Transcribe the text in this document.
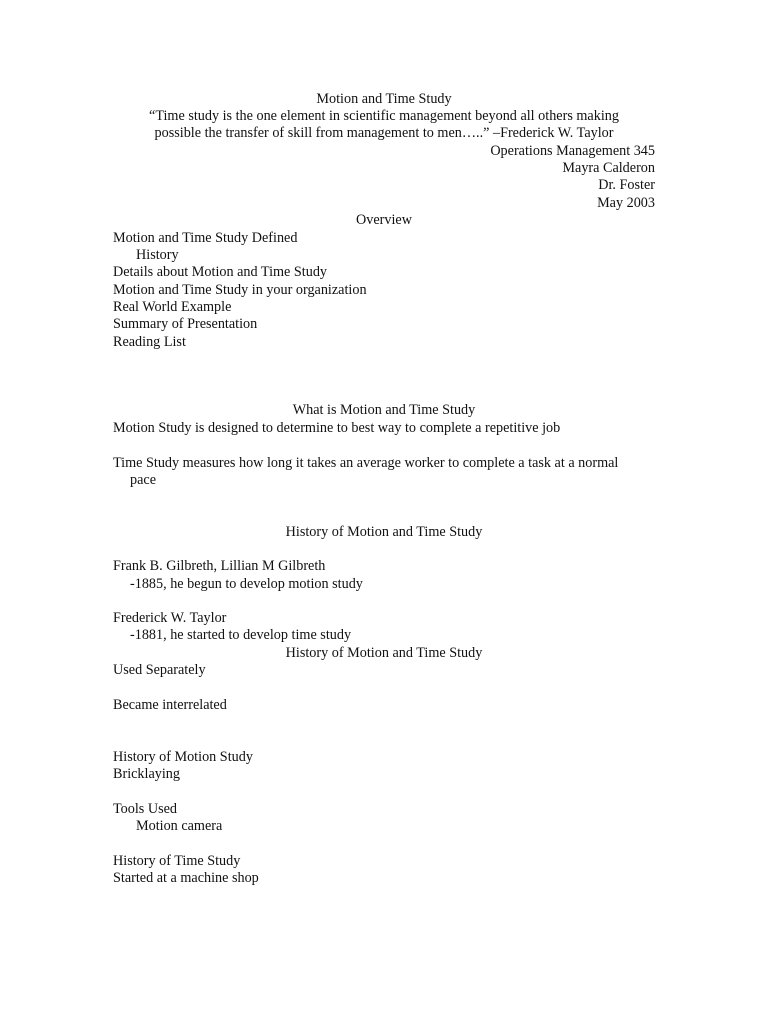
Motion and Time Study
“Time study is the one element in scientific management beyond all others making
possible the transfer of skill from management to men…..” –Frederick W. Taylor
Operations Management 345
Mayra Calderon
Dr. Foster
May 2003
Overview
Motion and Time Study Defined
History
Details about Motion and Time Study
Motion and Time Study in your organization
Real World Example
Summary of Presentation
Reading List
What is Motion and Time Study
Motion Study is designed to determine to best way to complete a repetitive job
Time Study measures how long it takes an average worker to complete a task at a normal
pace
History of Motion and Time Study
Frank B. Gilbreth, Lillian M Gilbreth
-1885, he begun to develop motion study
Frederick W. Taylor
-1881, he started to develop time study
History of Motion and Time Study
Used Separately
Became interrelated
History of Motion Study
Bricklaying
Tools Used
Motion camera
History of Time Study
Started at a machine shop
